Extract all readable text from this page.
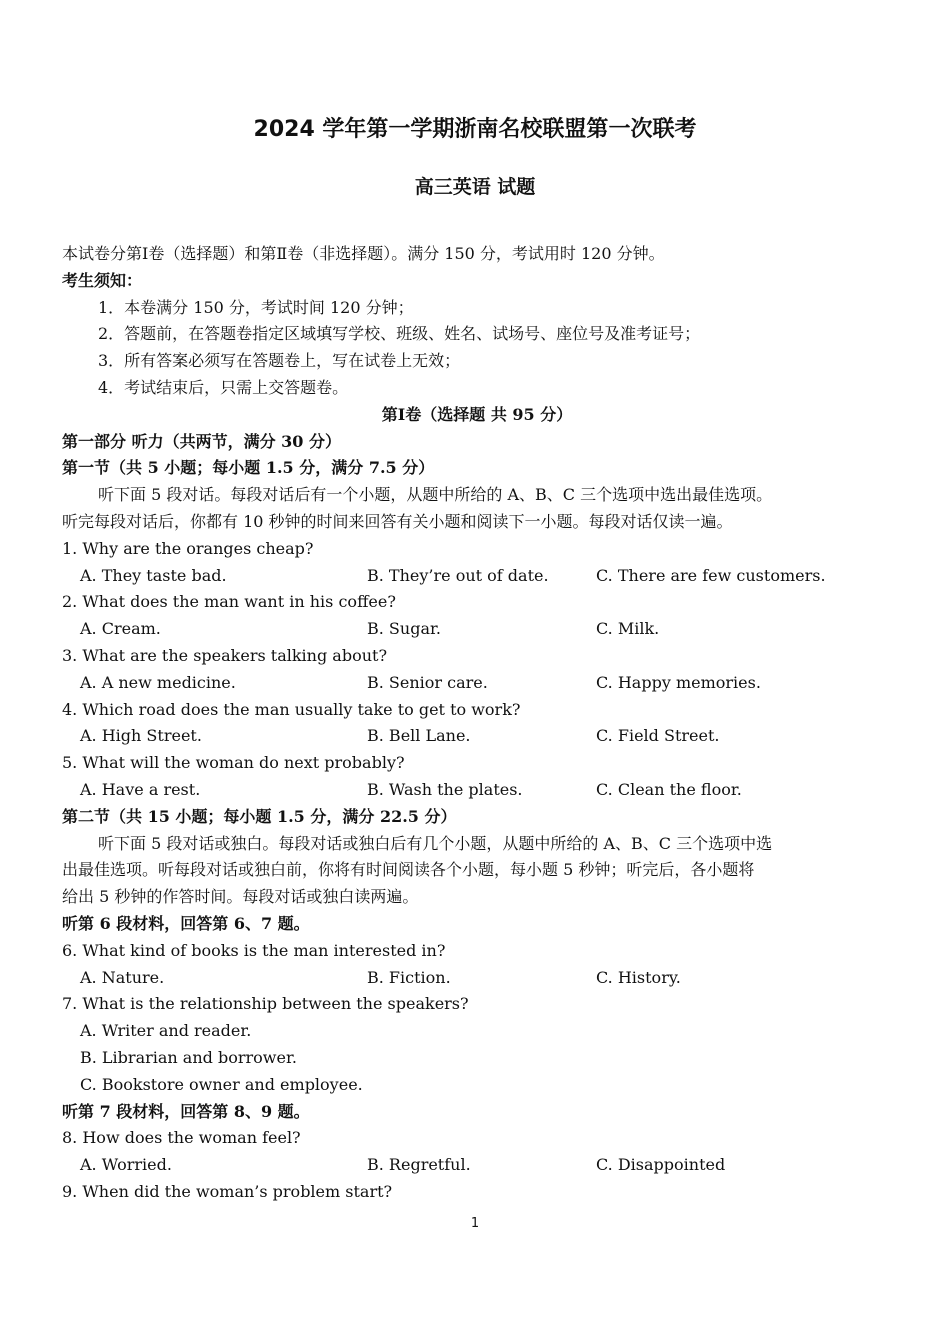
2024 学年第一学期浙南名校联盟第一次联考
高三英语 试题
本试卷分第Ⅰ卷（选择题）和第Ⅱ卷（非选择题）。满分 150 分，考试用时 120 分钟。
考生须知：
1．本卷满分 150 分，考试时间 120 分钟；
2．答题前，在答题卷指定区域填写学校、班级、姓名、试场号、座位号及准考证号；
3．所有答案必须写在答题卷上，写在试卷上无效；
4．考试结束后，只需上交答题卷。
第Ⅰ卷（选择题 共 95 分）
第一部分 听力（共两节，满分 30 分）
第一节（共 5 小题；每小题 1.5 分，满分 7.5 分）
听下面 5 段对话。每段对话后有一个小题，从题中所给的 A、B、C 三个选项中选出最佳选项。
听完每段对话后，你都有 10 秒钟的时间来回答有关小题和阅读下一小题。每段对话仅读一遍。
1. Why are the oranges cheap?
A. They taste bad.	B. They’re out of date.	C. There are few customers.
2. What does the man want in his coffee?
A. Cream.	B. Sugar.	C. Milk.
3. What are the speakers talking about?
A. A new medicine.	B. Senior care.	C. Happy memories.
4. Which road does the man usually take to get to work?
A. High Street.	B. Bell Lane.	C. Field Street.
5. What will the woman do next probably?
A. Have a rest.	B. Wash the plates.	C. Clean the floor.
第二节（共 15 小题；每小题 1.5 分，满分 22.5 分）
听下面 5 段对话或独白。每段对话或独白后有几个小题，从题中所给的 A、B、C 三个选项中选
出最佳选项。听每段对话或独白前，你将有时间阅读各个小题，每小题 5 秒钟；听完后，各小题将
给出 5 秒钟的作答时间。每段对话或独白读两遍。
听第 6 段材料，回答第 6、7 题。
6. What kind of books is the man interested in?
A. Nature.	B. Fiction.	C. History.
7. What is the relationship between the speakers?
A. Writer and reader.
B. Librarian and borrower.
C. Bookstore owner and employee.
听第 7 段材料，回答第 8、9 题。
8. How does the woman feel?
A. Worried.	B. Regretful.	C. Disappointed
9. When did the woman’s problem start?
1
